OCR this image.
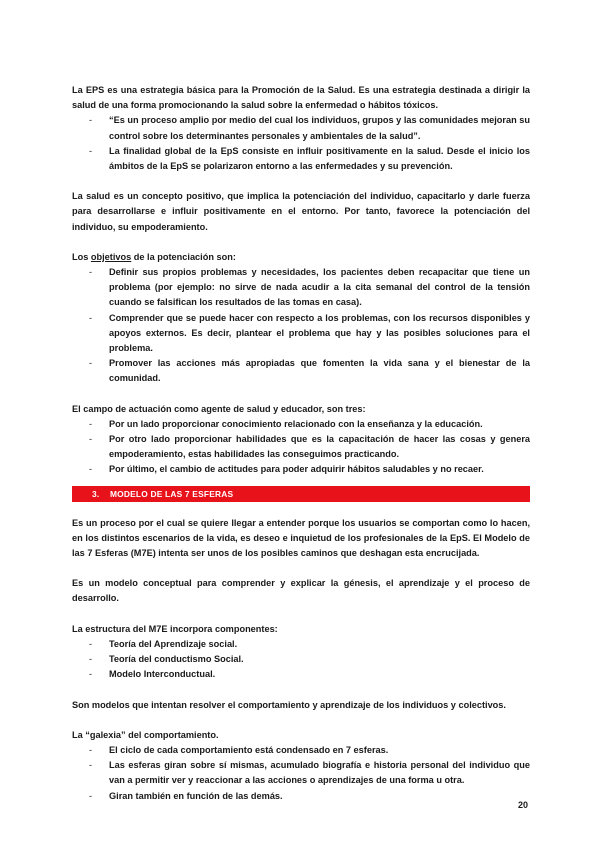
La EPS es una estrategia básica para la Promoción de la Salud. Es una estrategia destinada a dirigir la salud de una forma promocionando la salud sobre la enfermedad o hábitos tóxicos.

- “Es un proceso amplio por medio del cual los individuos, grupos y las comunidades mejoran su control sobre los determinantes personales y ambientales de la salud”.
- La finalidad global de la EpS consiste en influir positivamente en la salud. Desde el inicio los ámbitos de la EpS se polarizaron entorno a las enfermedades y su prevención.

La salud es un concepto positivo, que implica la potenciación del individuo, capacitarlo y darle fuerza para desarrollarse e influir positivamente en el entorno. Por tanto, favorece la potenciación del individuo, su empoderamiento.

Los objetivos de la potenciación son:

- Definir sus propios problemas y necesidades, los pacientes deben recapacitar que tiene un problema (por ejemplo: no sirve de nada acudir a la cita semanal del control de la tensión cuando se falsifican los resultados de las tomas en casa).
- Comprender que se puede hacer con respecto a los problemas, con los recursos disponibles y apoyos externos. Es decir, plantear el problema que hay y las posibles soluciones para el problema.
- Promover las acciones más apropiadas que fomenten la vida sana y el bienestar de la comunidad.

El campo de actuación como agente de salud y educador, son tres:

- Por un lado proporcionar conocimiento relacionado con la enseñanza y la educación.
- Por otro lado proporcionar habilidades que es la capacitación de hacer las cosas y genera empoderamiento, estas habilidades las conseguimos practicando.
- Por último, el cambio de actitudes para poder adquirir hábitos saludables y no recaer.
3. MODELO DE LAS 7 ESFERAS

Es un proceso por el cual se quiere llegar a entender porque los usuarios se comportan como lo hacen, en los distintos escenarios de la vida, es deseo e inquietud de los profesionales de la EpS. El Modelo de las 7 Esferas (M7E) intenta ser unos de los posibles caminos que deshagan esta encrucijada.

Es un modelo conceptual para comprender y explicar la génesis, el aprendizaje y el proceso de desarrollo.

La estructura del M7E incorpora componentes:

- Teoría del Aprendizaje social.
- Teoría del conductismo Social.
- Modelo Interconductual.

Son modelos que intentan resolver el comportamiento y aprendizaje de los individuos y colectivos.

La “galexia” del comportamiento.

- El ciclo de cada comportamiento está condensado en 7 esferas.
- Las esferas giran sobre sí mismas, acumulado biografía e historia personal del individuo que van a permitir ver y reaccionar a las acciones o aprendizajes de una forma u otra.
- Giran también en función de las demás.
20
